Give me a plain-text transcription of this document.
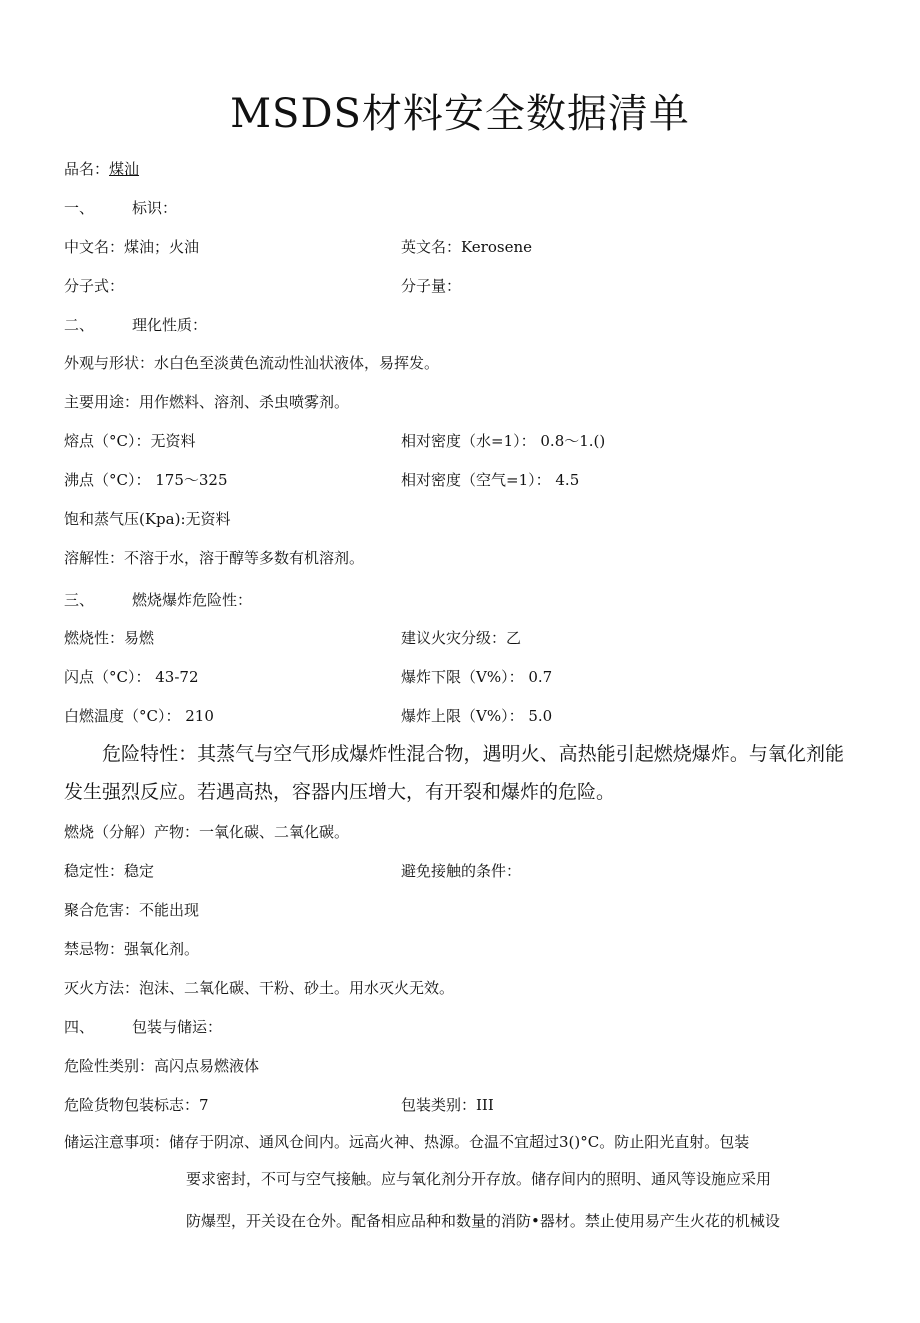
MSDS材料安全数据清单
品名：煤汕
一、	标识：
中文名：煤油；火油	英文名：Kerosene
分子式：	分子量：
二、	理化性质：
外观与形状：水白色至淡黄色流动性汕状液体，易挥发。
主要用途：用作燃料、溶剂、杀虫喷雾剂。
熔点（°C）：无资料	相对密度（水=1）： 0.8〜1.()
沸点（°C）： 175〜325	相对密度（空气=1）： 4.5
饱和蒸气压(Kpa):无资料
溶解性：不溶于水，溶于醇等多数有机溶剂。
三、	燃烧爆炸危险性：
燃烧性：易燃	建议火灾分级：乙
闪点（°C）： 43-72	爆炸下限（V%）： 0.7
白燃温度（°C）： 210	爆炸上限（V%）： 5.0
危险特性：其蒸气与空气形成爆炸性混合物，遇明火、高热能引起燃烧爆炸。与氧化剂能发生强烈反应。若遇高热，容器内压增大，有开裂和爆炸的危险。
燃烧（分解）产物：一氧化碳、二氧化碳。
稳定性：稳定	避免接触的条件：
聚合危害：不能出现
禁忌物：强氧化剂。
灭火方法：泡沫、二氧化碳、干粉、砂土。用水灭火无效。
四、	包装与储运：
危险性类别：高闪点易燃液体
危险货物包装标志：7	包装类别：III
储运注意事项：储存于阴凉、通风仓间内。远高火神、热源。仓温不宜超过3()°C。防止阳光直射。包装
要求密封，不可与空气接触。应与氧化剂分开存放。储存间内的照明、通风等设施应采用
防爆型，开关设在仓外。配备相应品种和数量的消防•器材。禁止使用易产生火花的机械设
